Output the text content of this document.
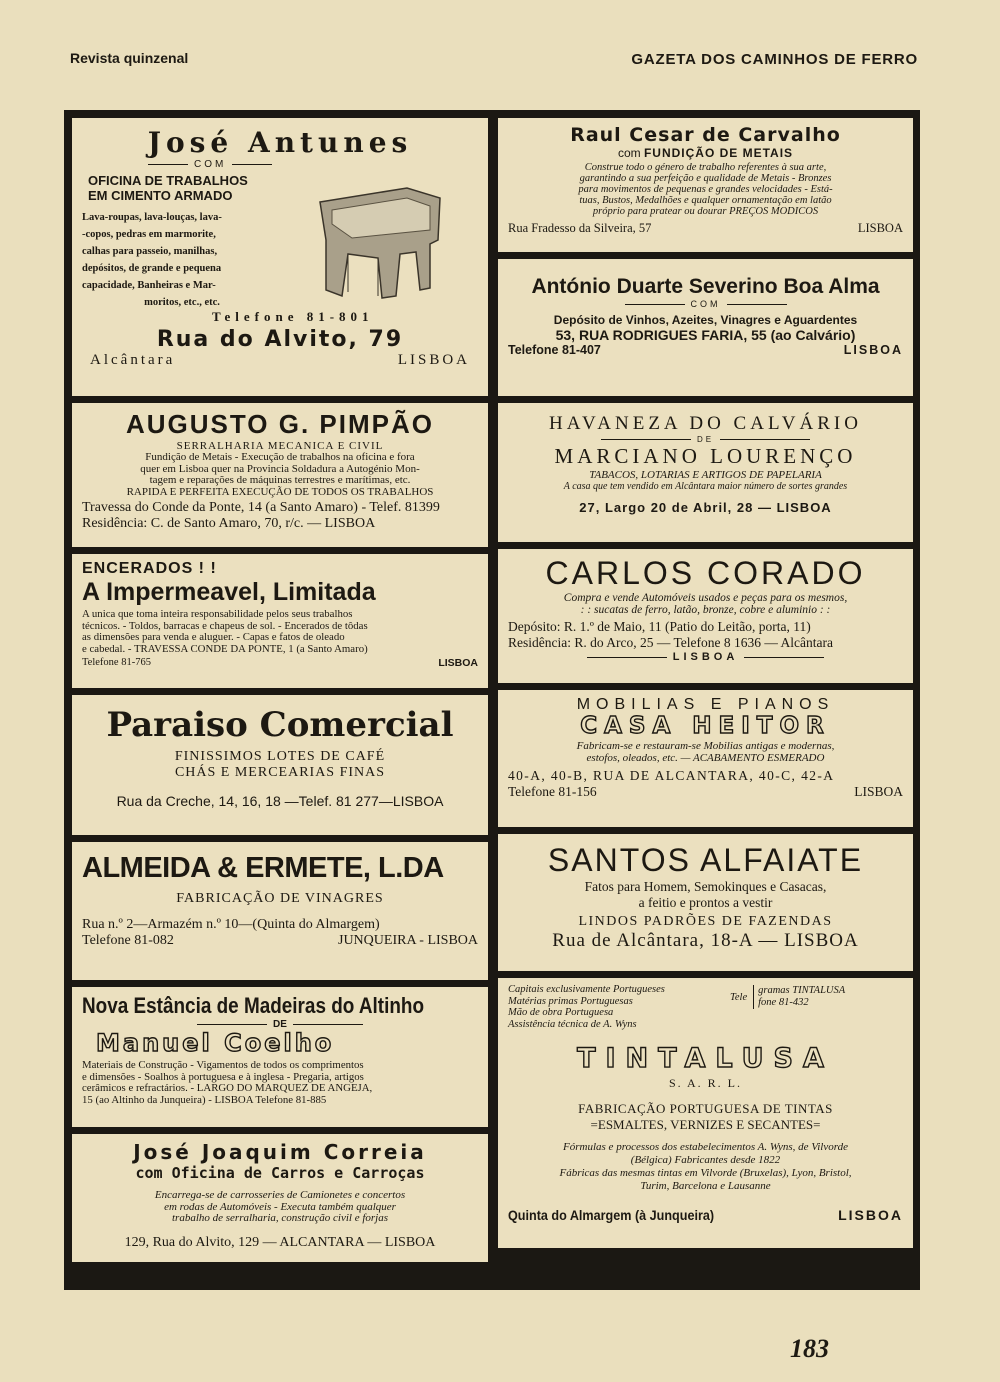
Revista quinzenal	GAZETA DOS CAMINHOS DE FERRO
José Antunes
COM
OFICINA DE TRABALHOS
EM CIMENTO ARMADO
Lava-roupas, lava-louças, lava-
-copos, pedras em marmorite,
calhas para passeio, manilhas,
depósitos, de grande e pequena
capacidade, Banheiras e Mar-
moritos, etc., etc.
Telefone 81-801
Rua do Alvito, 79
Alcântara	LISBOA
AUGUSTO G. PIMPÃO
SERRALHARIA MECANICA E CIVIL
Fundição de Metais - Execução de trabalhos na oficina e fora
quer em Lisboa quer na Provincia Soldadura a Autogénio Mon-
tagem e reparações de máquinas terrestres e marítimas, etc.
RAPIDA E PERFEITA EXECUÇÃO DE TODOS OS TRABALHOS
Travessa do Conde da Ponte, 14 (a Santo Amaro) - Telef. 81399
Residência: C. de Santo Amaro, 70, r/c. — LISBOA
ENCERADOS ! !
A Impermeavel, Limitada
A unica que toma inteira responsabilidade pelos seus trabalhos
técnicos. - Toldos, barracas e chapeus de sol. - Encerados de tôdas
as dimensões para venda e aluguer. - Capas e fatos de oleado
e cabedal. - TRAVESSA CONDE DA PONTE, 1 (a Santo Amaro)
Telefone 81-765	LISBOA
Paraiso Comercial
FINISSIMOS LOTES DE CAFÉ
CHÁS E MERCEARIAS FINAS
Rua da Creche, 14, 16, 18 —Telef. 81 277—LISBOA
ALMEIDA & ERMETE, L.DA
FABRICAÇÃO DE VINAGRES
Rua n.º 2—Armazém n.º 10—(Quinta do Almargem)
Telefone 81-082	JUNQUEIRA - LISBOA
Nova Estância de Madeiras do Altinho
DE
Manuel Coelho
Materiais de Construção - Vigamentos de todos os comprimentos
e dimensões - Soalhos à portuguesa e à inglesa - Pregaria, artigos
cerâmicos e refractários. - LARGO DO MARQUEZ DE ANGEJA,
15 (ao Altinho da Junqueira) - LISBOA Telefone 81-885
José Joaquim Correia
com Oficina de Carros e Carroças
Encarrega-se de carrosseries de Camionetes e concertos
em rodas de Automóveis - Executa também qualquer
trabalho de serralharia, construção civil e forjas
129, Rua do Alvito, 129 — ALCANTARA — LISBOA
Raul Cesar de Carvalho
com FUNDIÇÃO DE METAIS
Construe todo o género de trabalho referentes à sua arte,
garantindo a sua perfeição e qualidade de Metais - Bronzes
para movimentos de pequenas e grandes velocidades - Está-
tuas, Bustos, Medalhões e qualquer ornamentação em latão
próprio para pratear ou dourar PREÇOS MODICOS
Rua Fradesso da Silveira, 57	LISBOA
António Duarte Severino Boa Alma
COM
Depósito de Vinhos, Azeites, Vinagres e Aguardentes
53, RUA RODRIGUES FARIA, 55 (ao Calvário)
Telefone 81-407	LISBOA
HAVANEZA DO CALVÁRIO
DE
MARCIANO LOURENÇO
TABACOS, LOTARIAS E ARTIGOS DE PAPELARIA
A casa que tem vendido em Alcântara maior número de sortes grandes
27, Largo 20 de Abril, 28 — LISBOA
CARLOS CORADO
Compra e vende Automóveis usados e peças para os mesmos,
: : sucatas de ferro, latão, bronze, cobre e aluminio : :
Depósito: R. 1.º de Maio, 11 (Patio do Leitão, porta, 11)
Residência: R. do Arco, 25 — Telefone 8 1636 — Alcântara
LISBOA
MOBILIAS E PIANOS
CASA HEITOR
Fabricam-se e restauram-se Mobilias antigas e modernas,
estofos, oleados, etc. — ACABAMENTO ESMERADO
40-A, 40-B, RUA DE ALCANTARA, 40-C, 42-A
Telefone 81-156	LISBOA
SANTOS ALFAIATE
Fatos para Homem, Semokinques e Casacas,
a feitio e prontos a vestir
LINDOS PADRÕES DE FAZENDAS
Rua de Alcântara, 18-A — LISBOA
Capitais exclusivamente Portugueses
Matérias primas Portuguesas
Mão de obra Portuguesa
Assistência técnica de A. Wyns
Tele
gramas TINTALUSA
fone 81-432
TINTALUSA
S. A. R. L.
FABRICAÇÃO PORTUGUESA DE TINTAS
=ESMALTES, VERNIZES E SECANTES=
Fórmulas e processos dos estabelecimentos A. Wyns, de Vilvorde
(Bélgica) Fabricantes desde 1822
Fábricas das mesmas tintas em Vilvorde (Bruxelas), Lyon, Bristol,
Turim, Barcelona e Lausanne
Quinta do Almargem (à Junqueira)	LISBOA
183
